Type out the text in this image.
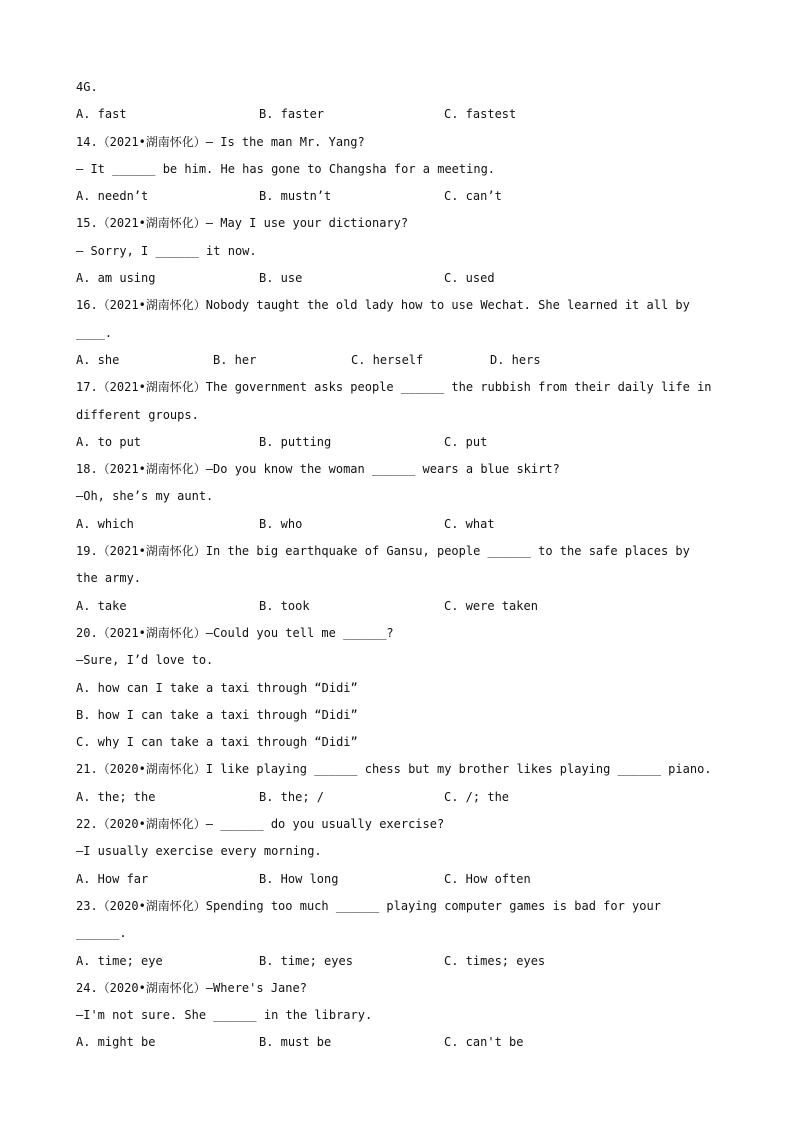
4G.
A. fast	B. faster	C. fastest
14.（2021•湖南怀化）— Is the man Mr. Yang?
— It ______ be him. He has gone to Changsha for a meeting.
A. needn’t	B. mustn’t	C. can’t
15.（2021•湖南怀化）— May I use your dictionary?
— Sorry, I ______ it now.
A. am using	B. use	C. used
16.（2021•湖南怀化）Nobody taught the old lady how to use Wechat. She learned it all by
____.
A. she	B. her	C. herself	D. hers
17.（2021•湖南怀化）The government asks people ______ the rubbish from their daily life in
different groups.
A. to put	B. putting	C. put
18.（2021•湖南怀化）—Do you know the woman ______ wears a blue skirt?
—Oh, she’s my aunt.
A. which	B. who	C. what
19.（2021•湖南怀化）In the big earthquake of Gansu, people ______ to the safe places by
the army.
A. take	B. took	C. were taken
20.（2021•湖南怀化）—Could you tell me ______?
—Sure, I’d love to.
A. how can I take a taxi through “Didi”
B. how I can take a taxi through “Didi”
C. why I can take a taxi through “Didi”
21.（2020•湖南怀化）I like playing ______ chess but my brother likes playing ______ piano.
A. the; the	B. the; /	C. /; the
22.（2020•湖南怀化）— ______ do you usually exercise?
—I usually exercise every morning.
A. How far	B. How long	C. How often
23.（2020•湖南怀化）Spending too much ______ playing computer games is bad for your
______.
A. time; eye	B. time; eyes	C. times; eyes
24.（2020•湖南怀化）—Where's Jane?
—I'm not sure. She ______ in the library.
A. might be	B. must be	C. can't be
